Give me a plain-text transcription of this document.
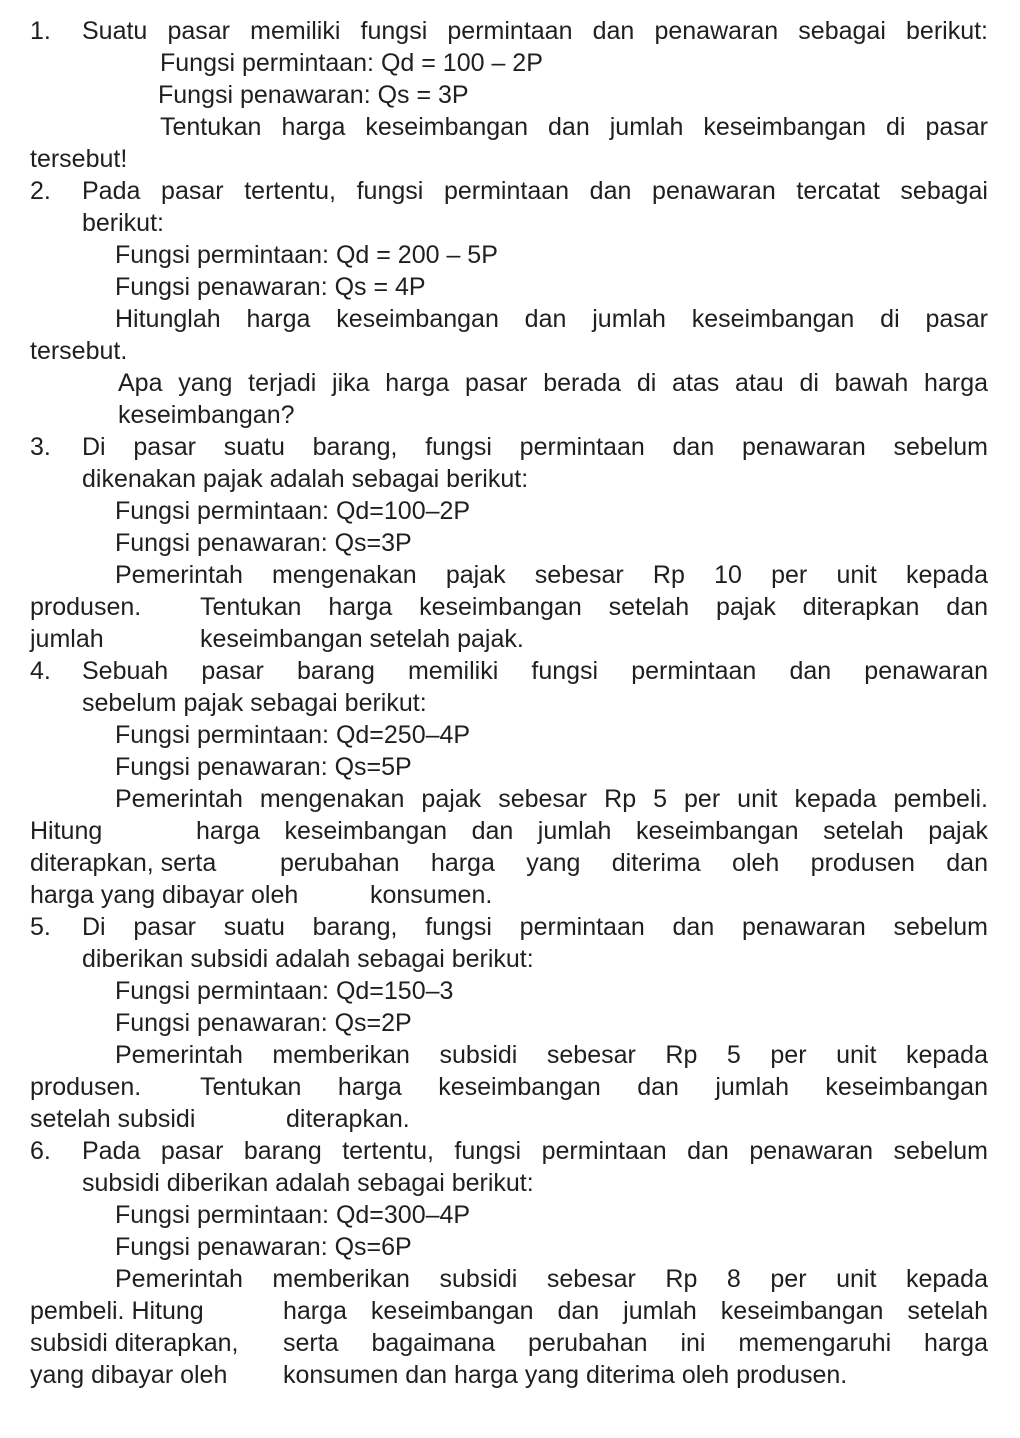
1. Suatu pasar memiliki fungsi permintaan dan penawaran sebagai berikut:
Fungsi permintaan: Qd = 100 – 2P
Fungsi penawaran: Qs = 3P
Tentukan harga keseimbangan dan jumlah keseimbangan di pasar
tersebut!
2. Pada pasar tertentu, fungsi permintaan dan penawaran tercatat sebagai
berikut:
Fungsi permintaan: Qd = 200 – 5P
Fungsi penawaran: Qs = 4P
Hitunglah harga keseimbangan dan jumlah keseimbangan di pasar
tersebut.
Apa yang terjadi jika harga pasar berada di atas atau di bawah harga
keseimbangan?
3. Di pasar suatu barang, fungsi permintaan dan penawaran sebelum
dikenakan pajak adalah sebagai berikut:
Fungsi permintaan: Qd=100–2P
Fungsi penawaran: Qs=3P
Pemerintah mengenakan pajak sebesar Rp 10 per unit kepada
produsen. Tentukan harga keseimbangan setelah pajak diterapkan dan
jumlah	keseimbangan setelah pajak.
4. Sebuah pasar barang memiliki fungsi permintaan dan penawaran
sebelum pajak sebagai berikut:
Fungsi permintaan: Qd=250–4P
Fungsi penawaran: Qs=5P
Pemerintah mengenakan pajak sebesar Rp 5 per unit kepada pembeli.
Hitung	harga keseimbangan dan jumlah keseimbangan setelah pajak
diterapkan, serta	perubahan harga yang diterima oleh produsen dan
harga yang dibayar oleh	konsumen.
5. Di pasar suatu barang, fungsi permintaan dan penawaran sebelum
diberikan subsidi adalah sebagai berikut:
Fungsi permintaan: Qd=150–3
Fungsi penawaran: Qs=2P
Pemerintah memberikan subsidi sebesar Rp 5 per unit kepada
produsen. Tentukan harga keseimbangan dan jumlah keseimbangan
setelah subsidi	diterapkan.
6. Pada pasar barang tertentu, fungsi permintaan dan penawaran sebelum
subsidi diberikan adalah sebagai berikut:
Fungsi permintaan: Qd=300–4P
Fungsi penawaran: Qs=6P
Pemerintah memberikan subsidi sebesar Rp 8 per unit kepada
pembeli. Hitung	harga keseimbangan dan jumlah keseimbangan setelah
subsidi diterapkan, serta bagaimana perubahan ini memengaruhi harga
yang dibayar oleh konsumen dan harga yang diterima oleh produsen.
